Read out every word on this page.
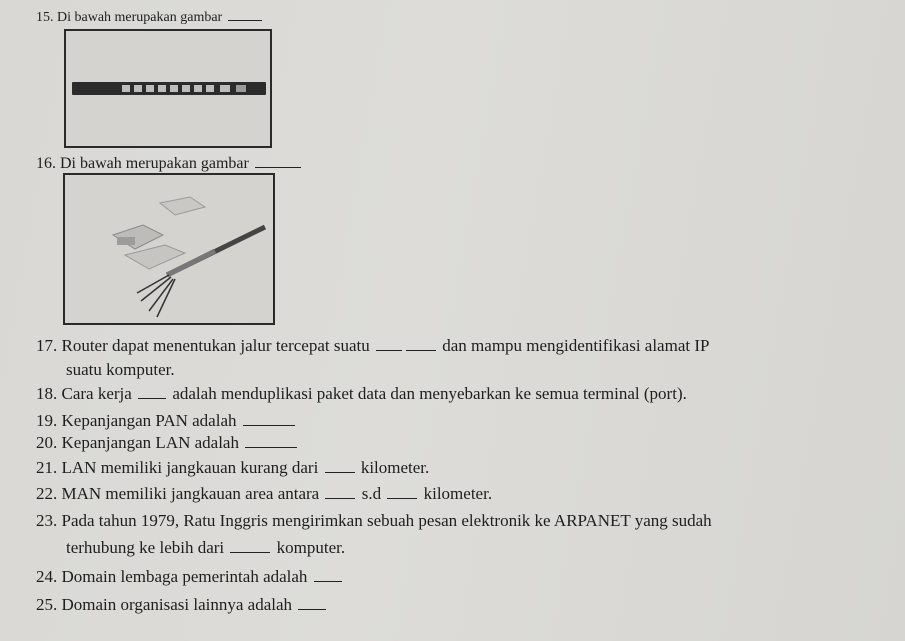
15. Di bawah merupakan gambar
16. Di bawah merupakan gambar
17. Router dapat menentukan jalur tercepat suatu	dan mampu mengidentifikasi alamat IP
suatu komputer.
18. Cara kerja adalah menduplikasi paket data dan menyebarkan ke semua terminal (port).
19. Kepanjangan PAN adalah
20. Kepanjangan LAN adalah
21. LAN memiliki jangkauan kurang dari	kilometer.
22. MAN memiliki jangkauan area antara	s.d	kilometer.
23. Pada tahun 1979, Ratu Inggris mengirimkan sebuah pesan elektronik ke ARPANET yang sudah
terhubung ke lebih dari	komputer.
24. Domain lembaga pemerintah adalah
25. Domain organisasi lainnya adalah
